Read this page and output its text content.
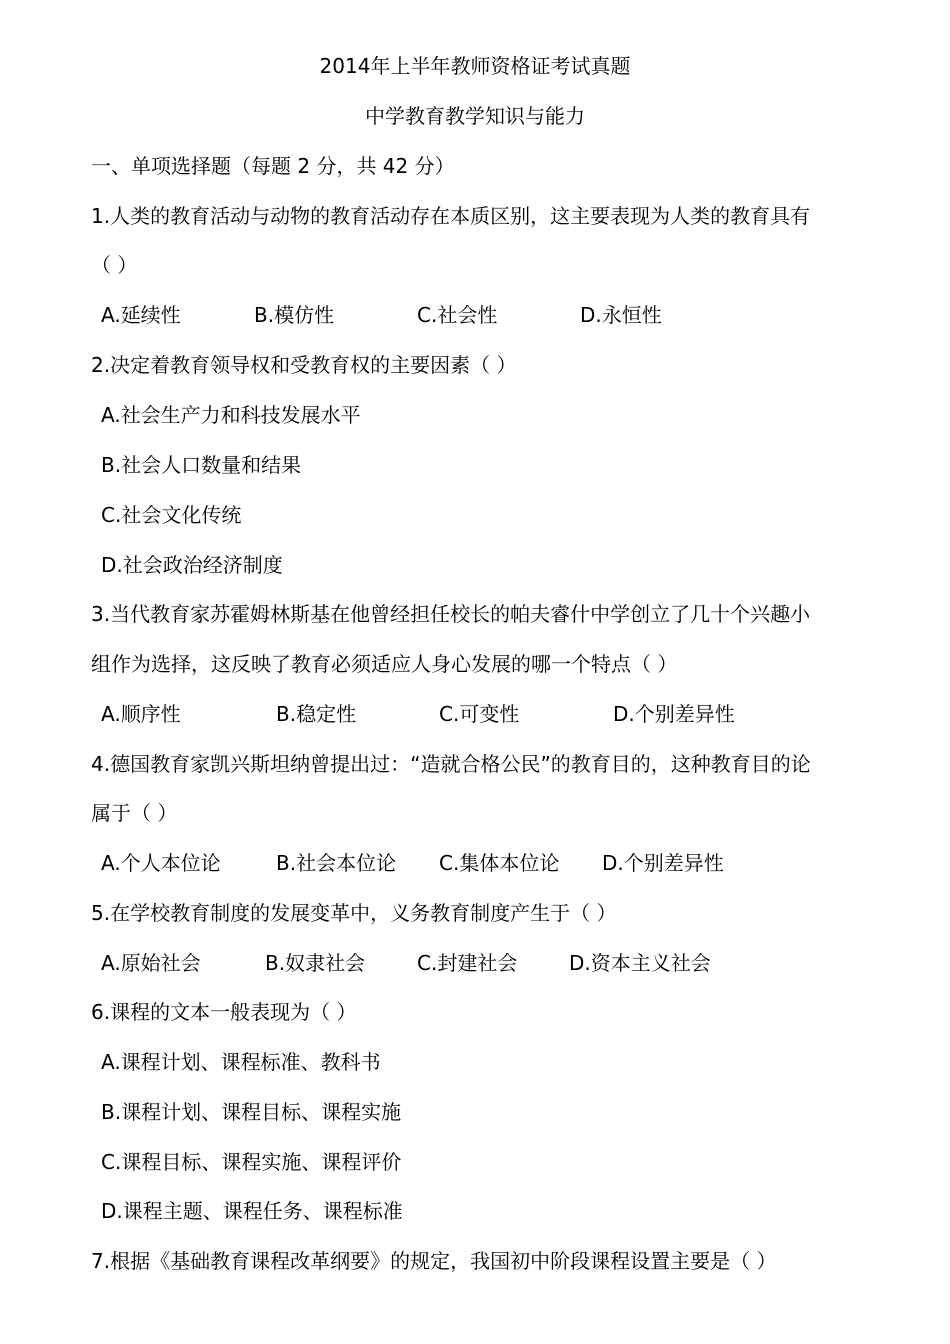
2014年上半年教师资格证考试真题
中学教育教学知识与能力
一、单项选择题（每题 2 分，共 42 分）
1.人类的教育活动与动物的教育活动存在本质区别，这主要表现为人类的教育具有
（ ）
A.延续性	B.模仿性	C.社会性	D.永恒性
2.决定着教育领导权和受教育权的主要因素（ ）
A.社会生产力和科技发展水平
B.社会人口数量和结果
C.社会文化传统
D.社会政治经济制度
3.当代教育家苏霍姆林斯基在他曾经担任校长的帕夫睿什中学创立了几十个兴趣小
组作为选择，这反映了教育必须适应人身心发展的哪一个特点（ ）
A.顺序性	B.稳定性	C.可变性	D.个别差异性
4.德国教育家凯兴斯坦纳曾提出过：“造就合格公民”的教育目的，这种教育目的论
属于（ ）
A.个人本位论	B.社会本位论 C.集体本位论 D.个别差异性
5.在学校教育制度的发展变革中，义务教育制度产生于（ ）
A.原始社会	B.奴隶社会	C.封建社会	D.资本主义社会
6.课程的文本一般表现为（ ）
A.课程计划、课程标准、教科书
B.课程计划、课程目标、课程实施
C.课程目标、课程实施、课程评价
D.课程主题、课程任务、课程标准
7.根据《基础教育课程改革纲要》的规定，我国初中阶段课程设置主要是（ ）
